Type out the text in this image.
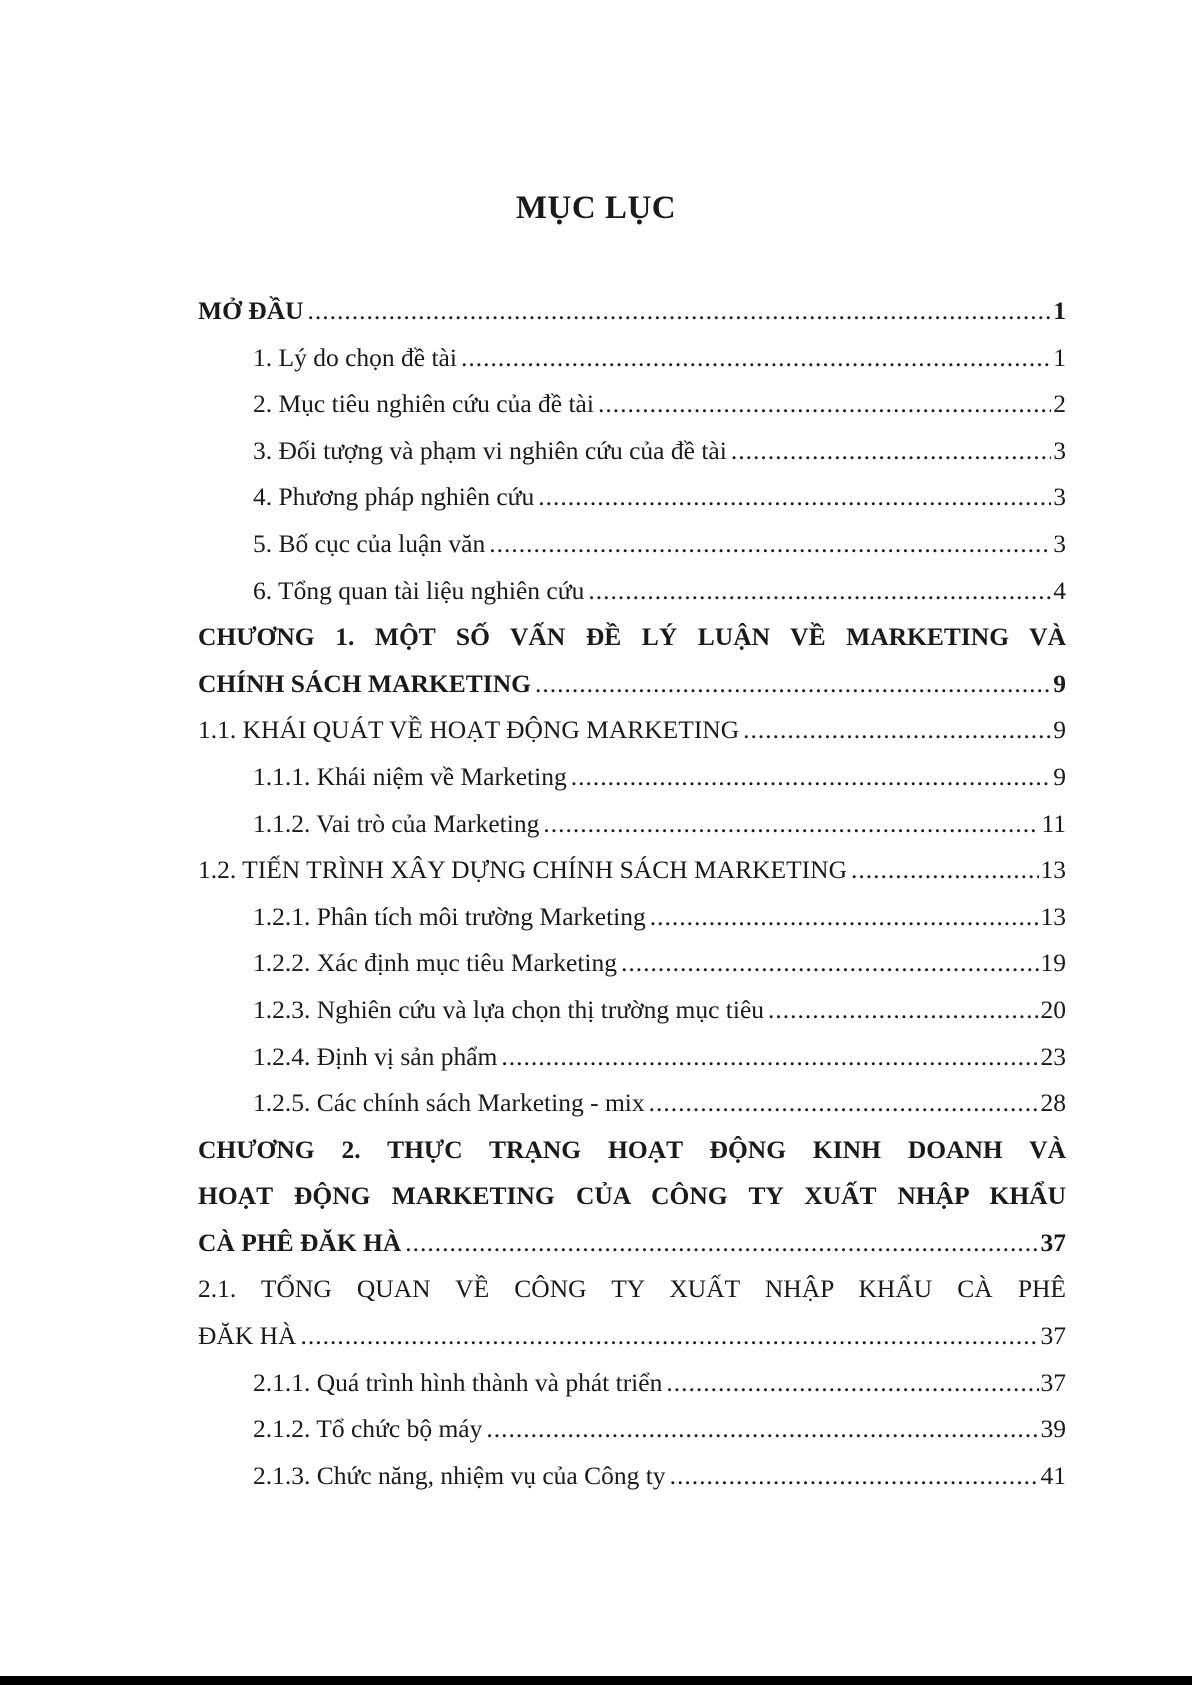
MỤC LỤC
MỞ ĐẦU .....	1
1. Lý do chọn đề tài .....	1
2. Mục tiêu nghiên cứu của đề tài .....	2
3. Đối tượng và phạm vi nghiên cứu của đề tài .....	3
4. Phương pháp nghiên cứu .....	3
5. Bố cục của luận văn .....	3
6. Tổng quan tài liệu nghiên cứu .....	4
CHƯƠNG 1. MỘT SỐ VẤN ĐỀ LÝ LUẬN VỀ MARKETING VÀ
CHÍNH SÁCH MARKETING .....	9
1.1. KHÁI QUÁT VỀ HOẠT ĐỘNG MARKETING .....	9
1.1.1. Khái niệm về Marketing .....	9
1.1.2. Vai trò của Marketing .....	11
1.2. TIẾN TRÌNH XÂY DỰNG CHÍNH SÁCH MARKETING .....	13
1.2.1. Phân tích môi trường Marketing .....	13
1.2.2. Xác định mục tiêu Marketing .....	19
1.2.3. Nghiên cứu và lựa chọn thị trường mục tiêu .....	20
1.2.4. Định vị sản phẩm .....	23
1.2.5. Các chính sách Marketing - mix .....	28
CHƯƠNG 2. THỰC TRẠNG HOẠT ĐỘNG KINH DOANH VÀ
HOẠT ĐỘNG MARKETING CỦA CÔNG TY XUẤT NHẬP KHẨU
CÀ PHÊ ĐĂK HÀ .....	37
2.1. TỔNG QUAN VỀ CÔNG TY XUẤT NHẬP KHẨU CÀ PHÊ
ĐĂK HÀ .....	37
2.1.1. Quá trình hình thành và phát triển .....	37
2.1.2. Tổ chức bộ máy .....	39
2.1.3. Chức năng, nhiệm vụ của Công ty .....	41
